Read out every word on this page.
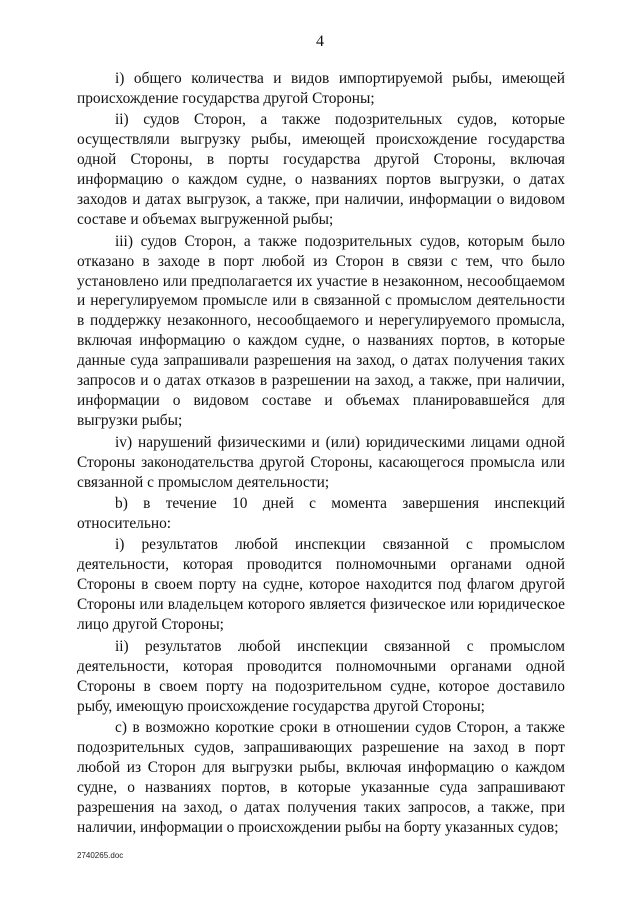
4

i) общего количества и видов импортируемой рыбы, имеющей происхождение государства другой Стороны;

ii) судов Сторон, а также подозрительных судов, которые осуществляли выгрузку рыбы, имеющей происхождение государства одной Стороны, в порты государства другой Стороны, включая информацию о каждом судне, о названиях портов выгрузки, о датах заходов и датах выгрузок, а также, при наличии, информации о видовом составе и объемах выгруженной рыбы;

iii) судов Сторон, а также подозрительных судов, которым было отказано в заходе в порт любой из Сторон в связи с тем, что было установлено или предполагается их участие в незаконном, несообщаемом и нерегулируемом промысле или в связанной с промыслом деятельности в поддержку незаконного, несообщаемого и нерегулируемого промысла, включая информацию о каждом судне, о названиях портов, в которые данные суда запрашивали разрешения на заход, о датах получения таких запросов и о датах отказов в разрешении на заход, а также, при наличии, информации о видовом составе и объемах планировавшейся для выгрузки рыбы;

iv) нарушений физическими и (или) юридическими лицами одной Стороны законодательства другой Стороны, касающегося промысла или связанной с промыслом деятельности;

b) в течение 10 дней с момента завершения инспекций относительно:

i) результатов любой инспекции связанной с промыслом деятельности, которая проводится полномочными органами одной Стороны в своем порту на судне, которое находится под флагом другой Стороны или владельцем которого является физическое или юридическое лицо другой Стороны;

ii) результатов любой инспекции связанной с промыслом деятельности, которая проводится полномочными органами одной Стороны в своем порту на подозрительном судне, которое доставило рыбу, имеющую происхождение государства другой Стороны;

c) в возможно короткие сроки в отношении судов Сторон, а также подозрительных судов, запрашивающих разрешение на заход в порт любой из Сторон для выгрузки рыбы, включая информацию о каждом судне, о названиях портов, в которые указанные суда запрашивают разрешения на заход, о датах получения таких запросов, а также, при наличии, информации о происхождении рыбы на борту указанных судов;

2740265.doc
